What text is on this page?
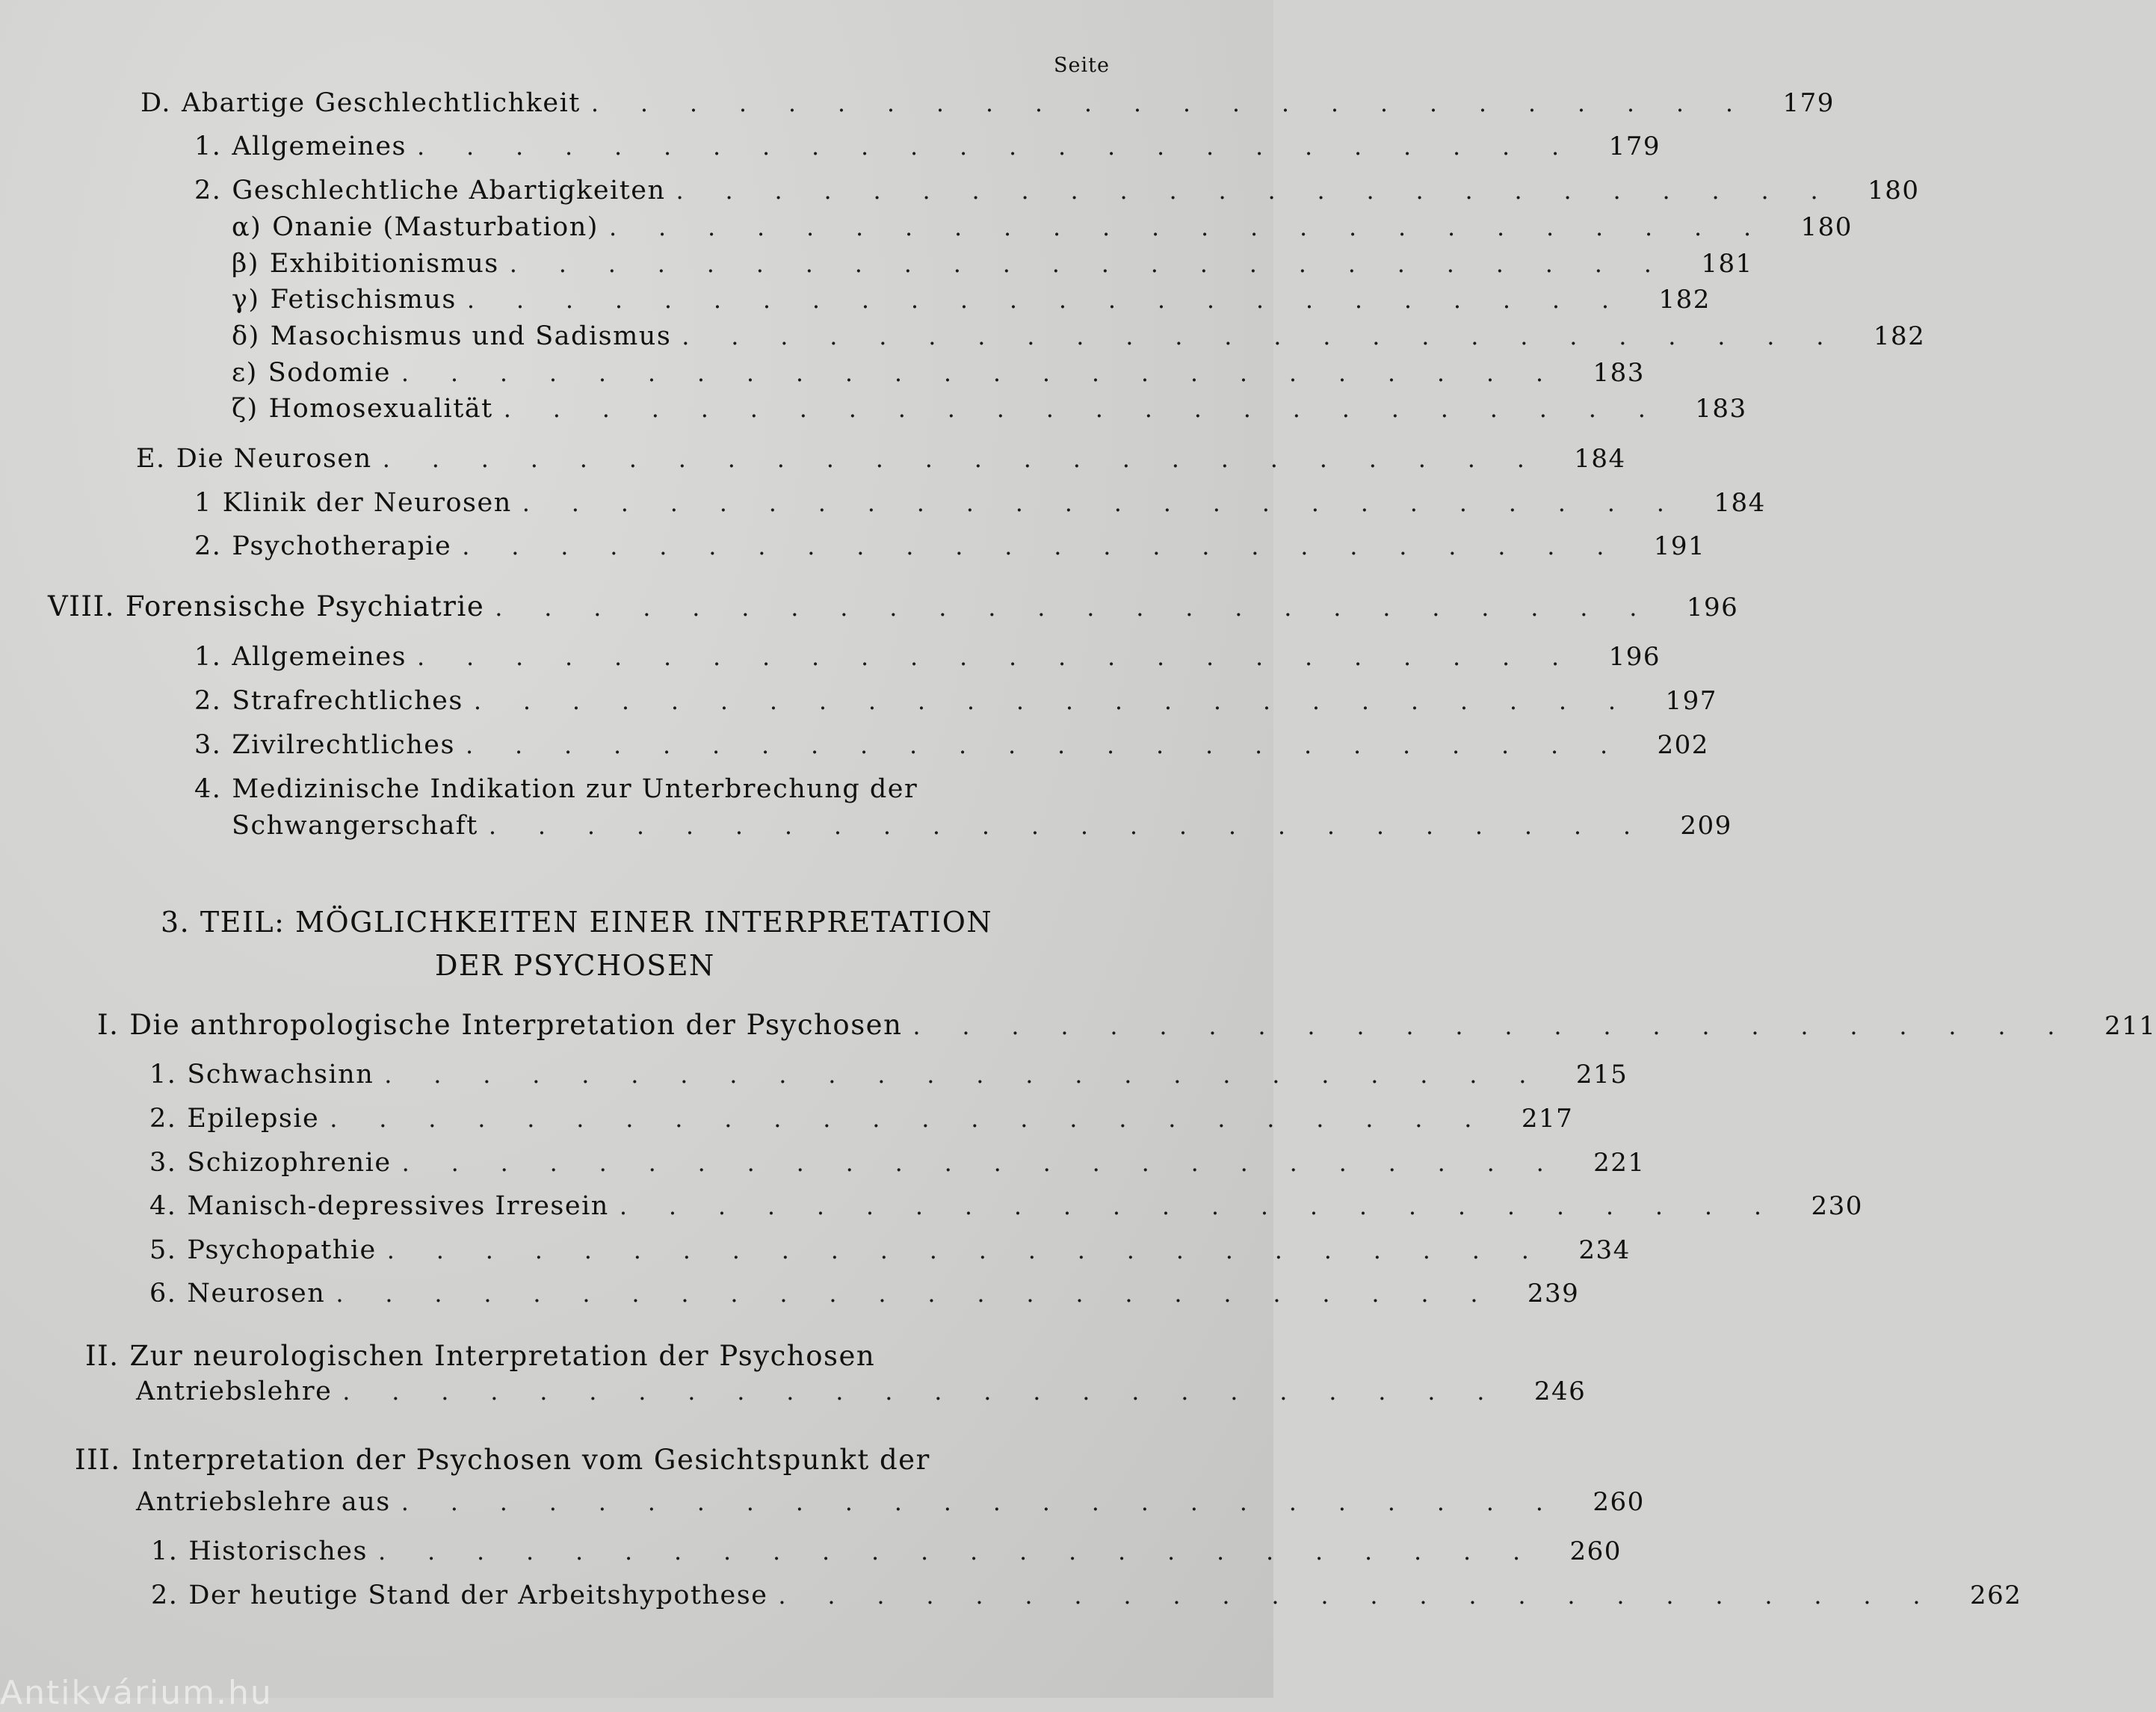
Seite
D. Abartige Geschlechtlichkeit . . . . . . . . . . . . . . . . . . . . . . . .	179
1. Allgemeines . . . . . . . . . . . . . . . . . . . . . . . .	179
2. Geschlechtliche Abartigkeiten . . . . . . . . . . . . . . . . . . . . . . . .	180
α) Onanie (Masturbation) . . . . . . . . . . . . . . . . . . . . . . . .	180
β) Exhibitionismus . . . . . . . . . . . . . . . . . . . . . . . .	181
γ) Fetischismus . . . . . . . . . . . . . . . . . . . . . . . .	182
δ) Masochismus und Sadismus . . . . . . . . . . . . . . . . . . . . . . . .	182
ε) Sodomie . . . . . . . . . . . . . . . . . . . . . . . .	183
ζ) Homosexualität . . . . . . . . . . . . . . . . . . . . . . . .	183
E. Die Neurosen . . . . . . . . . . . . . . . . . . . . . . . .	184
1 Klinik der Neurosen . . . . . . . . . . . . . . . . . . . . . . . .	184
2. Psychotherapie . . . . . . . . . . . . . . . . . . . . . . . .	191
VIII. Forensische Psychiatrie . . . . . . . . . . . . . . . . . . . . . . . .	196
1. Allgemeines . . . . . . . . . . . . . . . . . . . . . . . .	196
2. Strafrechtliches . . . . . . . . . . . . . . . . . . . . . . . .	197
3. Zivilrechtliches . . . . . . . . . . . . . . . . . . . . . . . .	202
4. Medizinische Indikation zur Unterbrechung der
Schwangerschaft . . . . . . . . . . . . . . . . . . . . . . . .	209
3. TEIL: MÖGLICHKEITEN EINER INTERPRETATION
DER PSYCHOSEN
I. Die anthropologische Interpretation der Psychosen . . . . . . . . . . . . . . . . . . . . . . . .	211
1. Schwachsinn . . . . . . . . . . . . . . . . . . . . . . . .	215
2. Epilepsie . . . . . . . . . . . . . . . . . . . . . . . .	217
3. Schizophrenie . . . . . . . . . . . . . . . . . . . . . . . .	221
4. Manisch-depressives Irresein . . . . . . . . . . . . . . . . . . . . . . . .	230
5. Psychopathie . . . . . . . . . . . . . . . . . . . . . . . .	234
6. Neurosen . . . . . . . . . . . . . . . . . . . . . . . .	239
II. Zur neurologischen Interpretation der Psychosen
Antriebslehre . . . . . . . . . . . . . . . . . . . . . . . .	246
III. Interpretation der Psychosen vom Gesichtspunkt der
Antriebslehre aus . . . . . . . . . . . . . . . . . . . . . . . .	260
1. Historisches . . . . . . . . . . . . . . . . . . . . . . . .	260
2. Der heutige Stand der Arbeitshypothese . . . . . . . . . . . . . . . . . . . . . . . .	262
Antikvárium.hu
